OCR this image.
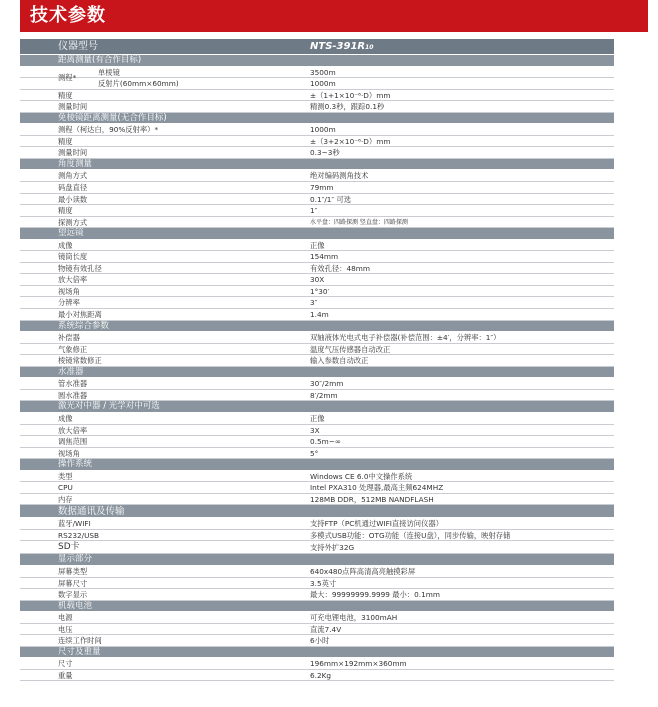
技术参数
仪器型号	NTS-391R10
距离测量(有合作目标)
测程*
单棱镜	3500m
反射片(60mm×60mm)	1000m
精度	±（1+1×10⁻⁶·D）mm
测量时间	精测0.3秒，跟踪0.1秒
免棱镜距离测量(无合作目标)
测程（柯达白，90%反射率）*	1000m
精度	±（3+2×10⁻⁶·D）mm
测量时间	0.3~3秒
角度测量
测角方式	绝对编码测角技术
码盘直径	79mm
最小读数	0.1″/1″ 可选
精度	1″
探测方式	水平盘：四路探测 竖直盘：四路探测
望远镜
成像	正像
镜筒长度	154mm
物镜有效孔径	有效孔径：48mm
放大倍率	30X
视场角	1°30′
分辨率	3″
最小对焦距离	1.4m
系统综合参数
补偿器	双轴液体光电式电子补偿器(补偿范围：±4′，分辨率：1″）
气象修正	温度气压传感器自动改正
棱镜常数修正	输入参数自动改正
水准器
管水准器	30″/2mm
圆水准器	8′/2mm
激光对中器 / 光学对中可选
成像	正像
放大倍率	3X
调焦范围	0.5m~∞
视场角	5°
操作系统
类型	Windows CE 6.0中文操作系统
CPU	Intel PXA310 处理器,最高主频624MHZ
内存	128MB DDR，512MB NANDFLASH
数据通讯及传输
蓝牙/WIFI	支持FTP（PC机通过WIFI直接访问仪器）
RS232/USB	多模式USB功能：OTG功能（连接U盘），同步传输，映射存储
SD卡	支持外扩32G
显示部分
屏幕类型	640x480点阵高清高亮触摸彩屏
屏幕尺寸	3.5英寸
数字显示	最大：99999999.9999 最小：0.1mm
机载电池
电源	可充电锂电池，3100mAH
电压	直流7.4V
连续工作时间	6小时
尺寸及重量
尺寸	196mm×192mm×360mm
重量	6.2Kg
